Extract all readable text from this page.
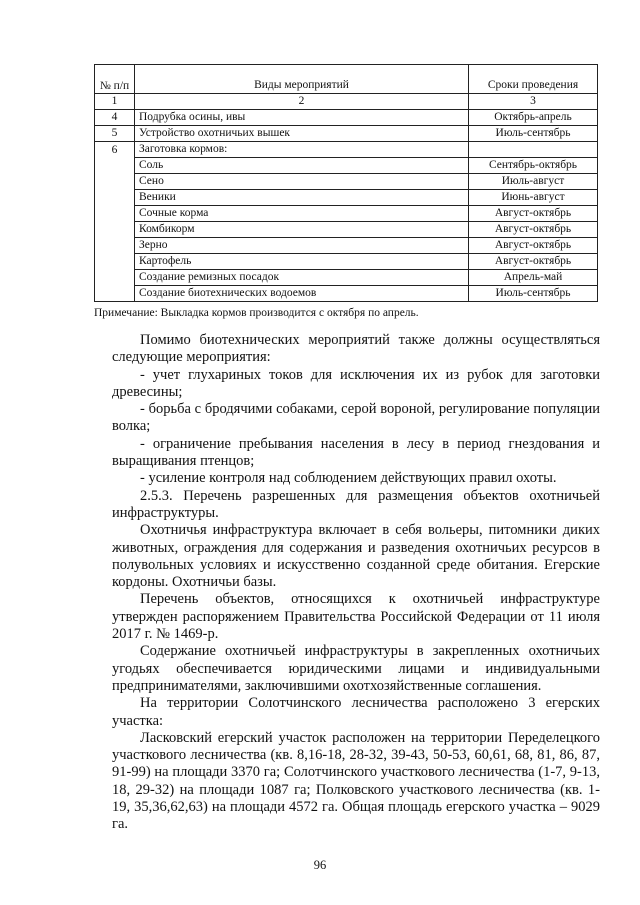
№ п/п	Виды мероприятий	Сроки проведения
1	2	3
4	Подрубка осины, ивы	Октябрь-апрель
5	Устройство охотничьих вышек	Июль-сентябрь
6	Заготовка кормов:	
	Соль	Сентябрь-октябрь
	Сено	Июль-август
	Веники	Июнь-август
	Сочные корма	Август-октябрь
	Комбикорм	Август-октябрь
	Зерно	Август-октябрь
	Картофель	Август-октябрь
	Создание ремизных посадок	Апрель-май
	Создание биотехнических водоемов	Июль-сентябрь
Примечание: Выкладка кормов производится с октября по апрель.

Помимо биотехнических мероприятий также должны осуществляться следующие мероприятия:

- учет глухариных токов для исключения их из рубок для заготовки древесины;

- борьба с бродячими собаками, серой вороной, регулирование популяции волка;

- ограничение пребывания населения в лесу в период гнездования и выращивания птенцов;

- усиление контроля над соблюдением действующих правил охоты.

2.5.3. Перечень разрешенных для размещения объектов охотничьей инфраструктуры.

Охотничья инфраструктура включает в себя вольеры, питомники диких животных, ограждения для содержания и разведения охотничьих ресурсов в полувольных условиях и искусственно созданной среде обитания. Егерские кордоны. Охотничьи базы.

Перечень объектов, относящихся к охотничьей инфраструктуре утвержден распоряжением Правительства Российской Федерации от 11 июля 2017 г. № 1469-р.

Содержание охотничьей инфраструктуры в закрепленных охотничьих угодьях обеспечивается юридическими лицами и индивидуальными предпринимателями, заключившими охотхозяйственные соглашения.

На территории Солотчинского лесничества расположено 3 егерских участка:

Ласковский егерский участок расположен на территории Переделецкого участкового лесничества (кв. 8,16-18, 28-32, 39-43, 50-53, 60,61, 68, 81, 86, 87, 91-99) на площади 3370 га; Солотчинского участкового лесничества (1-7, 9-13, 18, 29-32) на площади 1087 га; Полковского участкового лесничества (кв. 1-19, 35,36,62,63) на площади 4572 га. Общая площадь егерского участка – 9029 га.

96
